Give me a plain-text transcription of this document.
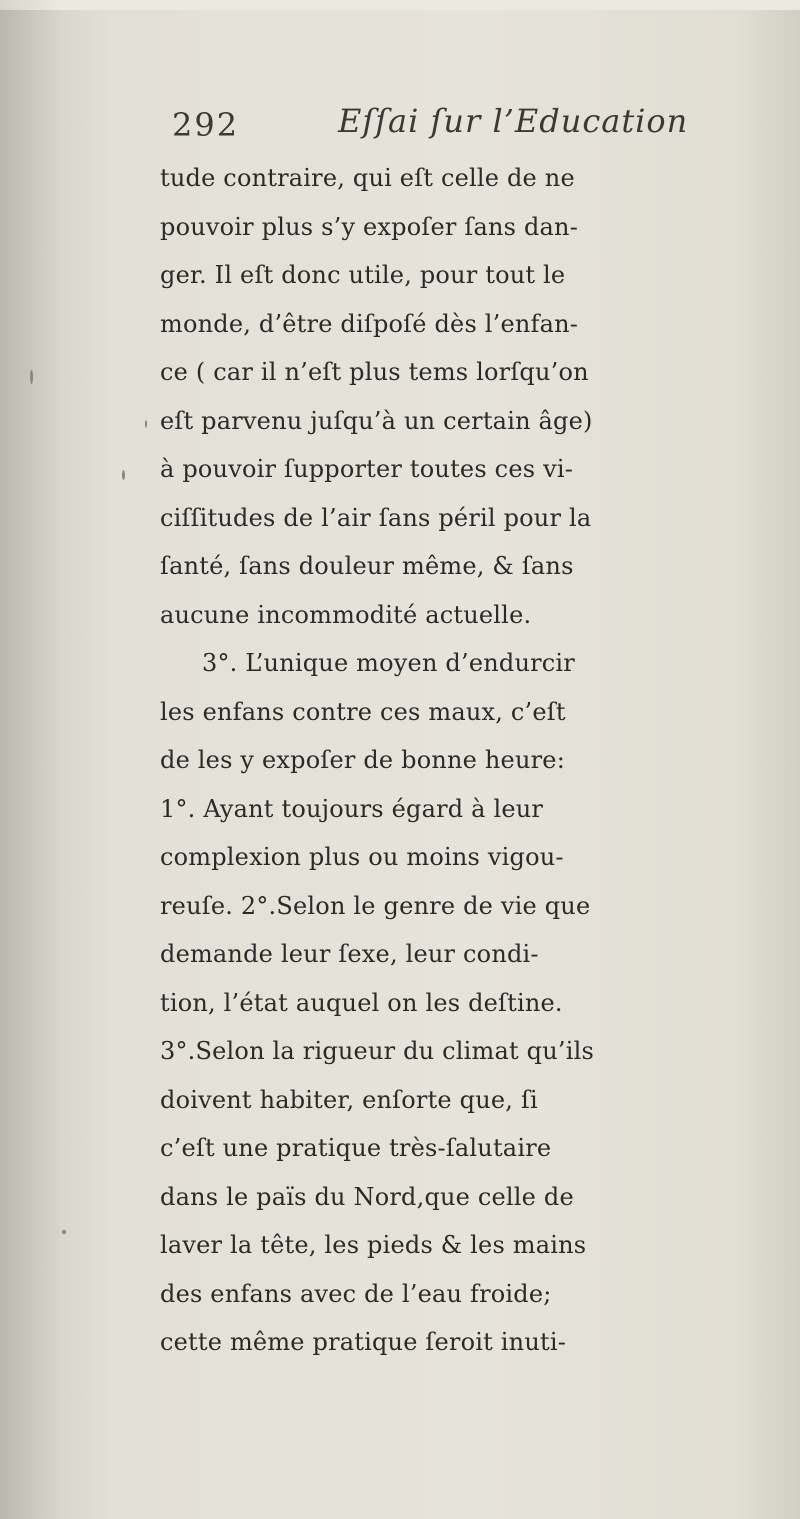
292	Eſſai ſur l’Education
tude contraire, qui eſt celle de ne
pouvoir plus s’y expoſer ſans dan-
ger. Il eſt donc utile, pour tout le
monde, d’être diſpoſé dès l’enfan-
ce ( car il n’eſt plus tems lorſqu’on
eſt parvenu juſqu’à un certain âge)
à pouvoir ſupporter toutes ces vi-
ciſſitudes de l’air ſans péril pour la
ſanté, ſans douleur même, & ſans
aucune incommodité actuelle.
3°. L’unique moyen d’endurcir
les enfans contre ces maux, c’eſt
de les y expoſer de bonne heure:
1°. Ayant toujours égard à leur
complexion plus ou moins vigou-
reuſe. 2°.Selon le genre de vie que
demande leur ſexe, leur condi-
tion, l’état auquel on les deſtine.
3°.Selon la rigueur du climat qu’ils
doivent habiter, enſorte que, ſi
c’eſt une pratique très-ſalutaire
dans le païs du Nord,que celle de
laver la tête, les pieds & les mains
des enfans avec de l’eau froide;
cette même pratique ſeroit inuti-
